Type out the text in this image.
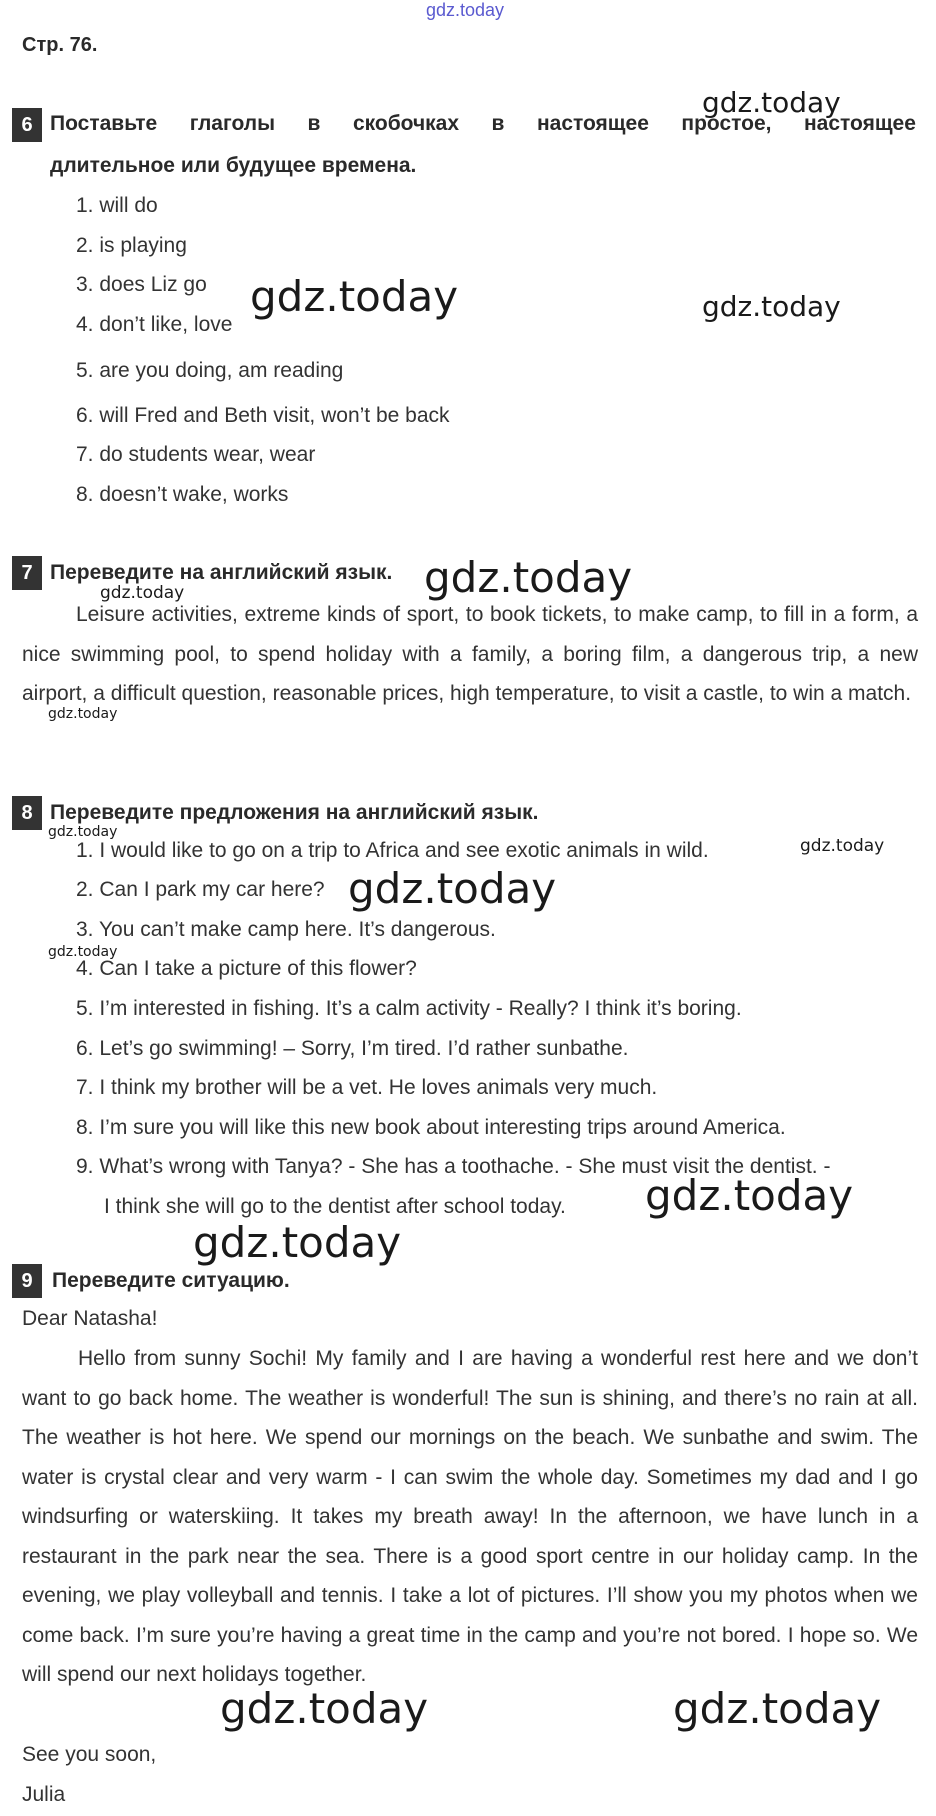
gdz.today
Стр. 76.
6 Поставьте глаголы в скобочках в настоящее простое, настоящее
длительное или будущее времена.
1. will do
2. is playing
3. does Liz go
4. don’t like, love
5. are you doing, am reading
6. will Fred and Beth visit, won’t be back
7. do students wear, wear
8. doesn’t wake, works
7 Переведите на английский язык.

Leisure activities, extreme kinds of sport, to book tickets, to make camp, to fill in a form, a nice swimming pool, to spend holiday with a family, a boring film, a dangerous trip, a new airport, a difficult question, reasonable prices, high temperature, to visit a castle, to win a match.

8 Переведите предложения на английский язык.
1. I would like to go on a trip to Africa and see exotic animals in wild.
2. Can I park my car here?
3. You can’t make camp here. It’s dangerous.
4. Can I take a picture of this flower?
5. I’m interested in fishing. It’s a calm activity - Really? I think it’s boring.
6. Let’s go swimming! – Sorry, I’m tired. I’d rather sunbathe.
7. I think my brother will be a vet. He loves animals very much.
8. I’m sure you will like this new book about interesting trips around America.
9. What’s wrong with Tanya? - She has a toothache. - She must visit the dentist. -
I think she will go to the dentist after school today.
9 Переведите ситуацию.
Dear Natasha!

Hello from sunny Sochi! My family and I are having a wonderful rest here and we don’t want to go back home. The weather is wonderful! The sun is shining, and there’s no rain at all. The weather is hot here. We spend our mornings on the beach. We sunbathe and swim. The water is crystal clear and very warm - I can swim the whole day. Sometimes my dad and I go windsurfing or waterskiing. It takes my breath away! In the afternoon, we have lunch in a restaurant in the park near the sea. There is a good sport centre in our holiday camp. In the evening, we play volleyball and tennis. I take a lot of pictures. I’ll show you my photos when we come back. I’m sure you’re having a great time in the camp and you’re not bored. I hope so. We will spend our next holidays together.

See you soon,
Julia
gdz.today
gdz.today	gdz.today
gdz.today
gdz.today
gdz.today
gdz.today
gdz.today
gdz.today
gdz.today
gdz.today
gdz.today
gdz.today	gdz.today
